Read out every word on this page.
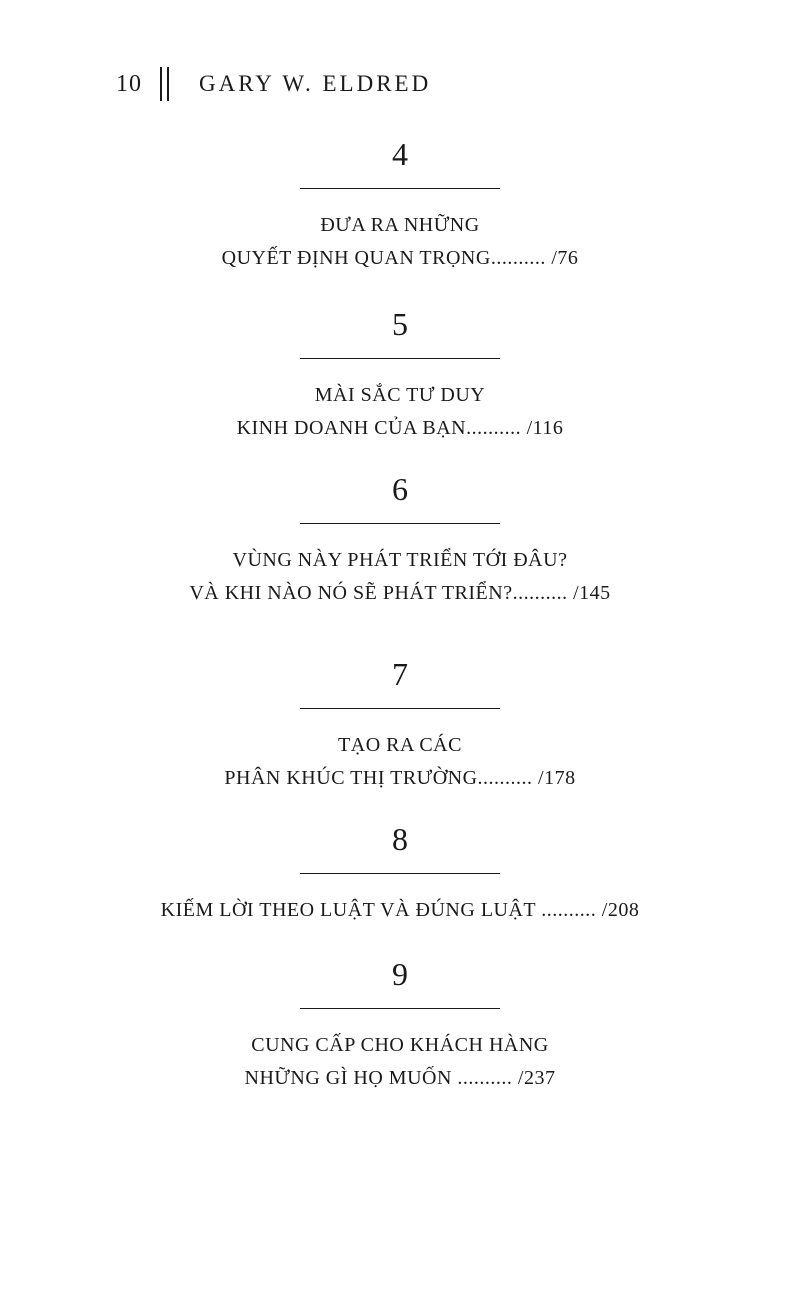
10 GARY W. ELDRED
4
ĐƯA RA NHỮNG
QUYẾT ĐỊNH QUAN TRỌNG.......... /76
5
MÀI SẮC TƯ DUY
KINH DOANH CỦA BẠN.......... /116
6
VÙNG NÀY PHÁT TRIỂN TỚI ĐÂU?
VÀ KHI NÀO NÓ SẼ PHÁT TRIỂN?.......... /145
7
TẠO RA CÁC
PHÂN KHÚC THỊ TRƯỜNG.......... /178
8
KIẾM LỜI THEO LUẬT VÀ ĐÚNG LUẬT .......... /208
9
CUNG CẤP CHO KHÁCH HÀNG
NHỮNG GÌ HỌ MUỐN .......... /237
